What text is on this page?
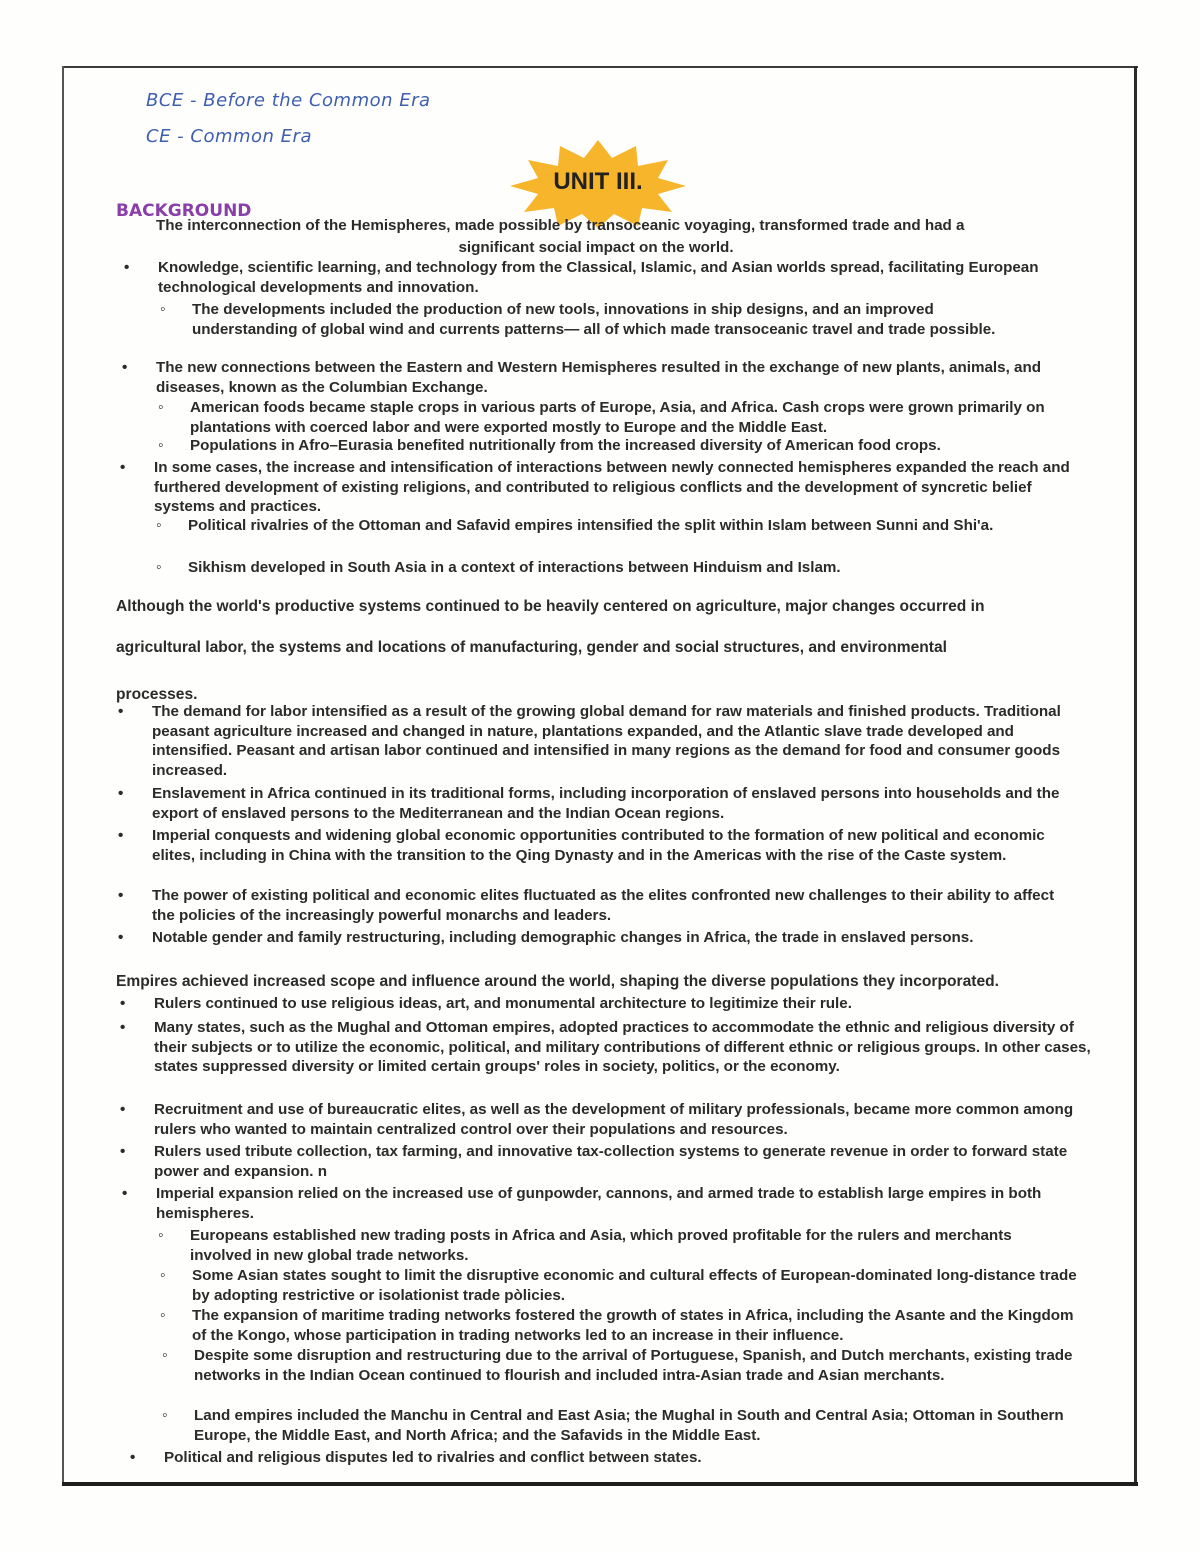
BCE - Before the Common Era
CE - Common Era
BACKGROUND
UNIT III.
The interconnection of the Hemispheres, made possible by transoceanic voyaging, transformed trade and had a
significant social impact on the world.
• Knowledge, scientific learning, and technology from the Classical, Islamic, and Asian worlds spread, facilitating European technological developments and innovation.
◦ The developments included the production of new tools, innovations in ship designs, and an improved understanding of global wind and currents patterns— all of which made transoceanic travel and trade possible.
• The new connections between the Eastern and Western Hemispheres resulted in the exchange of new plants, animals, and diseases, known as the Columbian Exchange.
◦ American foods became staple crops in various parts of Europe, Asia, and Africa. Cash crops were grown primarily on plantations with coerced labor and were exported mostly to Europe and the Middle East.
◦ Populations in Afro–Eurasia benefited nutritionally from the increased diversity of American food crops.
• In some cases, the increase and intensification of interactions between newly connected hemispheres expanded the reach and furthered development of existing religions, and contributed to religious conflicts and the development of syncretic belief systems and practices.
◦ Political rivalries of the Ottoman and Safavid empires intensified the split within Islam between Sunni and Shi'a.
◦ Sikhism developed in South Asia in a context of interactions between Hinduism and Islam.
Although the world's productive systems continued to be heavily centered on agriculture, major changes occurred in
agricultural labor, the systems and locations of manufacturing, gender and social structures, and environmental
processes.
• The demand for labor intensified as a result of the growing global demand for raw materials and finished products. Traditional peasant agriculture increased and changed in nature, plantations expanded, and the Atlantic slave trade developed and intensified. Peasant and artisan labor continued and intensified in many regions as the demand for food and consumer goods increased.
• Enslavement in Africa continued in its traditional forms, including incorporation of enslaved persons into households and the export of enslaved persons to the Mediterranean and the Indian Ocean regions.
• Imperial conquests and widening global economic opportunities contributed to the formation of new political and economic elites, including in China with the transition to the Qing Dynasty and in the Americas with the rise of the Caste system.
• The power of existing political and economic elites fluctuated as the elites confronted new challenges to their ability to affect the policies of the increasingly powerful monarchs and leaders.
• Notable gender and family restructuring, including demographic changes in Africa, the trade in enslaved persons.
Empires achieved increased scope and influence around the world, shaping the diverse populations they incorporated.
• Rulers continued to use religious ideas, art, and monumental architecture to legitimize their rule.
• Many states, such as the Mughal and Ottoman empires, adopted practices to accommodate the ethnic and religious diversity of their subjects or to utilize the economic, political, and military contributions of different ethnic or religious groups. In other cases, states suppressed diversity or limited certain groups' roles in society, politics, or the economy.
• Recruitment and use of bureaucratic elites, as well as the development of military professionals, became more common among rulers who wanted to maintain centralized control over their populations and resources.
• Rulers used tribute collection, tax farming, and innovative tax-collection systems to generate revenue in order to forward state power and expansion. n
• Imperial expansion relied on the increased use of gunpowder, cannons, and armed trade to establish large empires in both hemispheres.
◦ Europeans established new trading posts in Africa and Asia, which proved profitable for the rulers and merchants involved in new global trade networks.
◦ Some Asian states sought to limit the disruptive economic and cultural effects of European-dominated long-distance trade by adopting restrictive or isolationist trade pòlicies.
◦ The expansion of maritime trading networks fostered the growth of states in Africa, including the Asante and the Kingdom of the Kongo, whose participation in trading networks led to an increase in their influence.
◦ Despite some disruption and restructuring due to the arrival of Portuguese, Spanish, and Dutch merchants, existing trade networks in the Indian Ocean continued to flourish and included intra-Asian trade and Asian merchants.
◦ Land empires included the Manchu in Central and East Asia; the Mughal in South and Central Asia; Ottoman in Southern Europe, the Middle East, and North Africa; and the Safavids in the Middle East.
• Political and religious disputes led to rivalries and conflict between states.
